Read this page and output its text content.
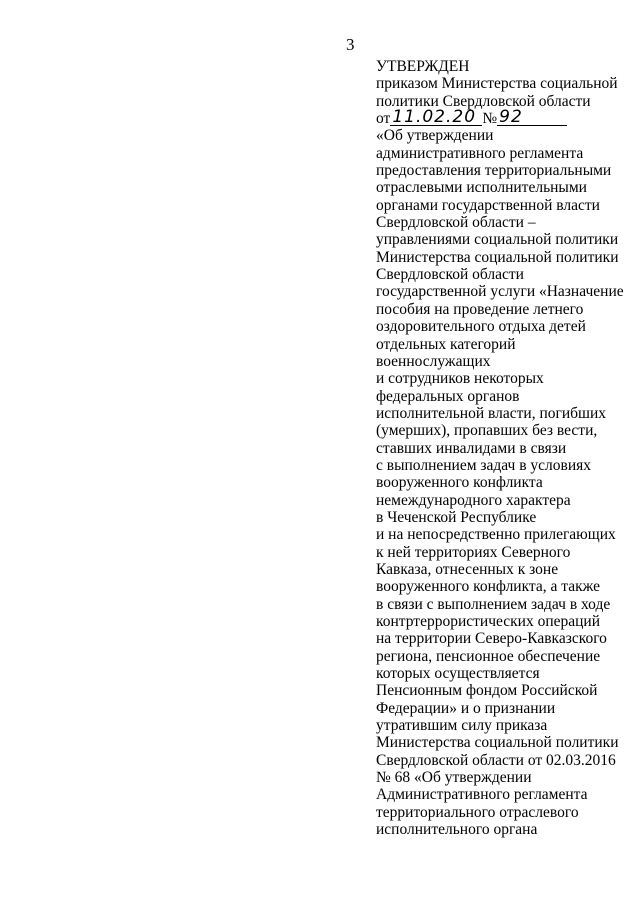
3
УТВЕРЖДЕН
приказом Министерства социальной
политики Свердловской области
от 11.02.20 № 92
«Об утверждении
административного регламента
предоставления территориальными
отраслевыми исполнительными
органами государственной власти
Свердловской области –
управлениями социальной политики
Министерства социальной политики
Свердловской области
государственной услуги «Назначение
пособия на проведение летнего
оздоровительного отдыха детей
отдельных категорий
военнослужащих
и сотрудников некоторых
федеральных органов
исполнительной власти, погибших
(умерших), пропавших без вести,
ставших инвалидами в связи
с выполнением задач в условиях
вооруженного конфликта
немеждународного характера
в Чеченской Республике
и на непосредственно прилегающих
к ней территориях Северного
Кавказа, отнесенных к зоне
вооруженного конфликта, а также
в связи с выполнением задач в ходе
контртеррористических операций
на территории Северо-Кавказского
региона, пенсионное обеспечение
которых осуществляется
Пенсионным фондом Российской
Федерации» и о признании
утратившим силу приказа
Министерства социальной политики
Свердловской области от 02.03.2016
№ 68 «Об утверждении
Административного регламента
территориального отраслевого
исполнительного органа
